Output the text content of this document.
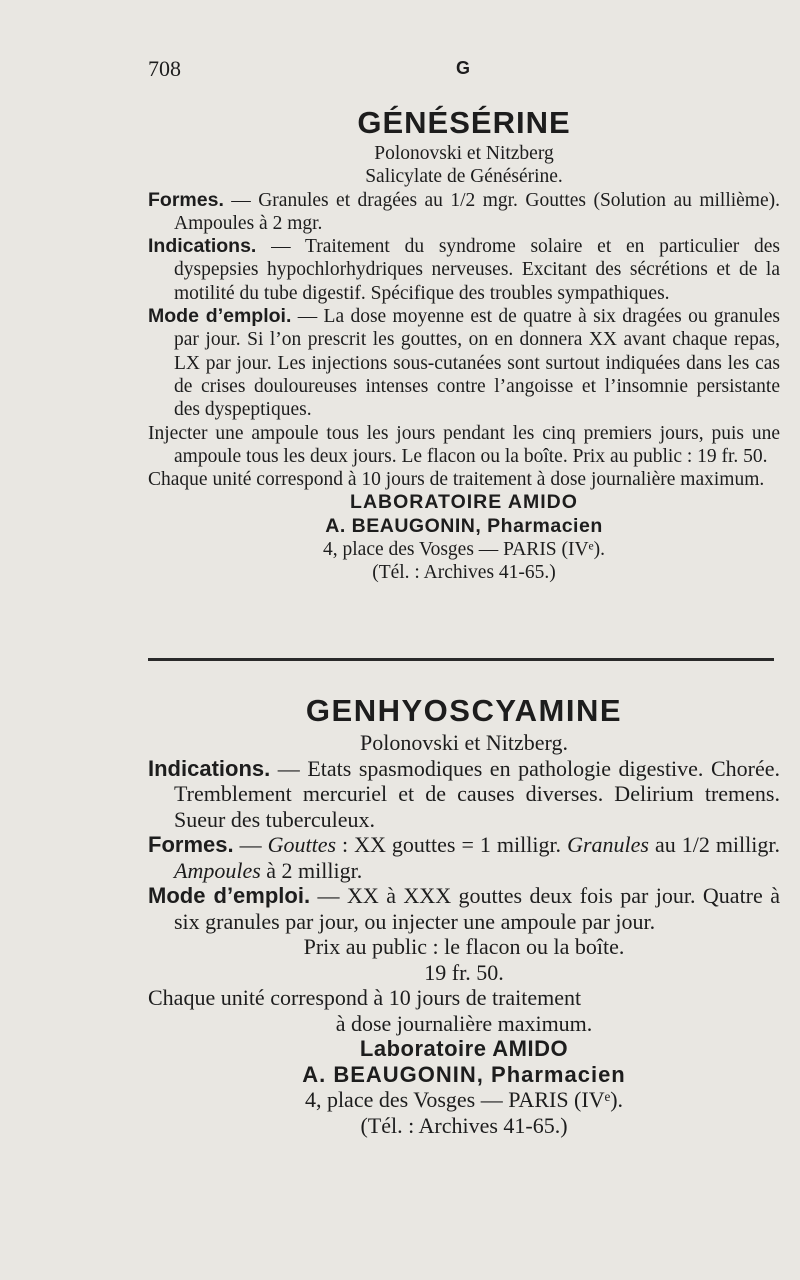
708	G
GÉNÉSÉRINE
Polonovski et Nitzberg
Salicylate de Génésérine.

Formes. — Granules et dragées au 1/2 mgr. Gouttes (Solution au millième). Ampoules à 2 mgr.

Indications. — Traitement du syndrome solaire et en particulier des dyspepsies hypochlorhydriques nerveuses. Excitant des sécrétions et de la motilité du tube digestif. Spécifique des troubles sympathiques.

Mode d’emploi. — La dose moyenne est de quatre à six dragées ou granules par jour. Si l’on prescrit les gouttes, on en donnera XX avant chaque repas, LX par jour. Les injections sous-cutanées sont surtout indiquées dans les cas de crises douloureuses intenses contre l’angoisse et l’insomnie persistante des dyspeptiques.

Injecter une ampoule tous les jours pendant les cinq premiers jours, puis une ampoule tous les deux jours. Le flacon ou la boîte. Prix au public : 19 fr. 50.

Chaque unité correspond à 10 jours de traitement à dose journalière maximum.

LABORATOIRE AMIDO
A. BEAUGONIN, Pharmacien
4, place des Vosges — PARIS (IVᵉ).
(Tél. : Archives 41-65.)
GENHYOSCYAMINE
Polonovski et Nitzberg.

Indications. — Etats spasmodiques en pathologie digestive. Chorée. Tremblement mercuriel et de causes diverses. Delirium tremens. Sueur des tuberculeux.

Formes. — Gouttes : XX gouttes = 1 milligr. Granules au 1/2 milligr. Ampoules à 2 milligr.

Mode d’emploi. — XX à XXX gouttes deux fois par jour. Quatre à six granules par jour, ou injecter une ampoule par jour.

Prix au public : le flacon ou la boîte.
19 fr. 50.
Chaque unité correspond à 10 jours de traitement
à dose journalière maximum.
Laboratoire AMIDO
A. BEAUGONIN, Pharmacien
4, place des Vosges — PARIS (IVᵉ).
(Tél. : Archives 41-65.)
